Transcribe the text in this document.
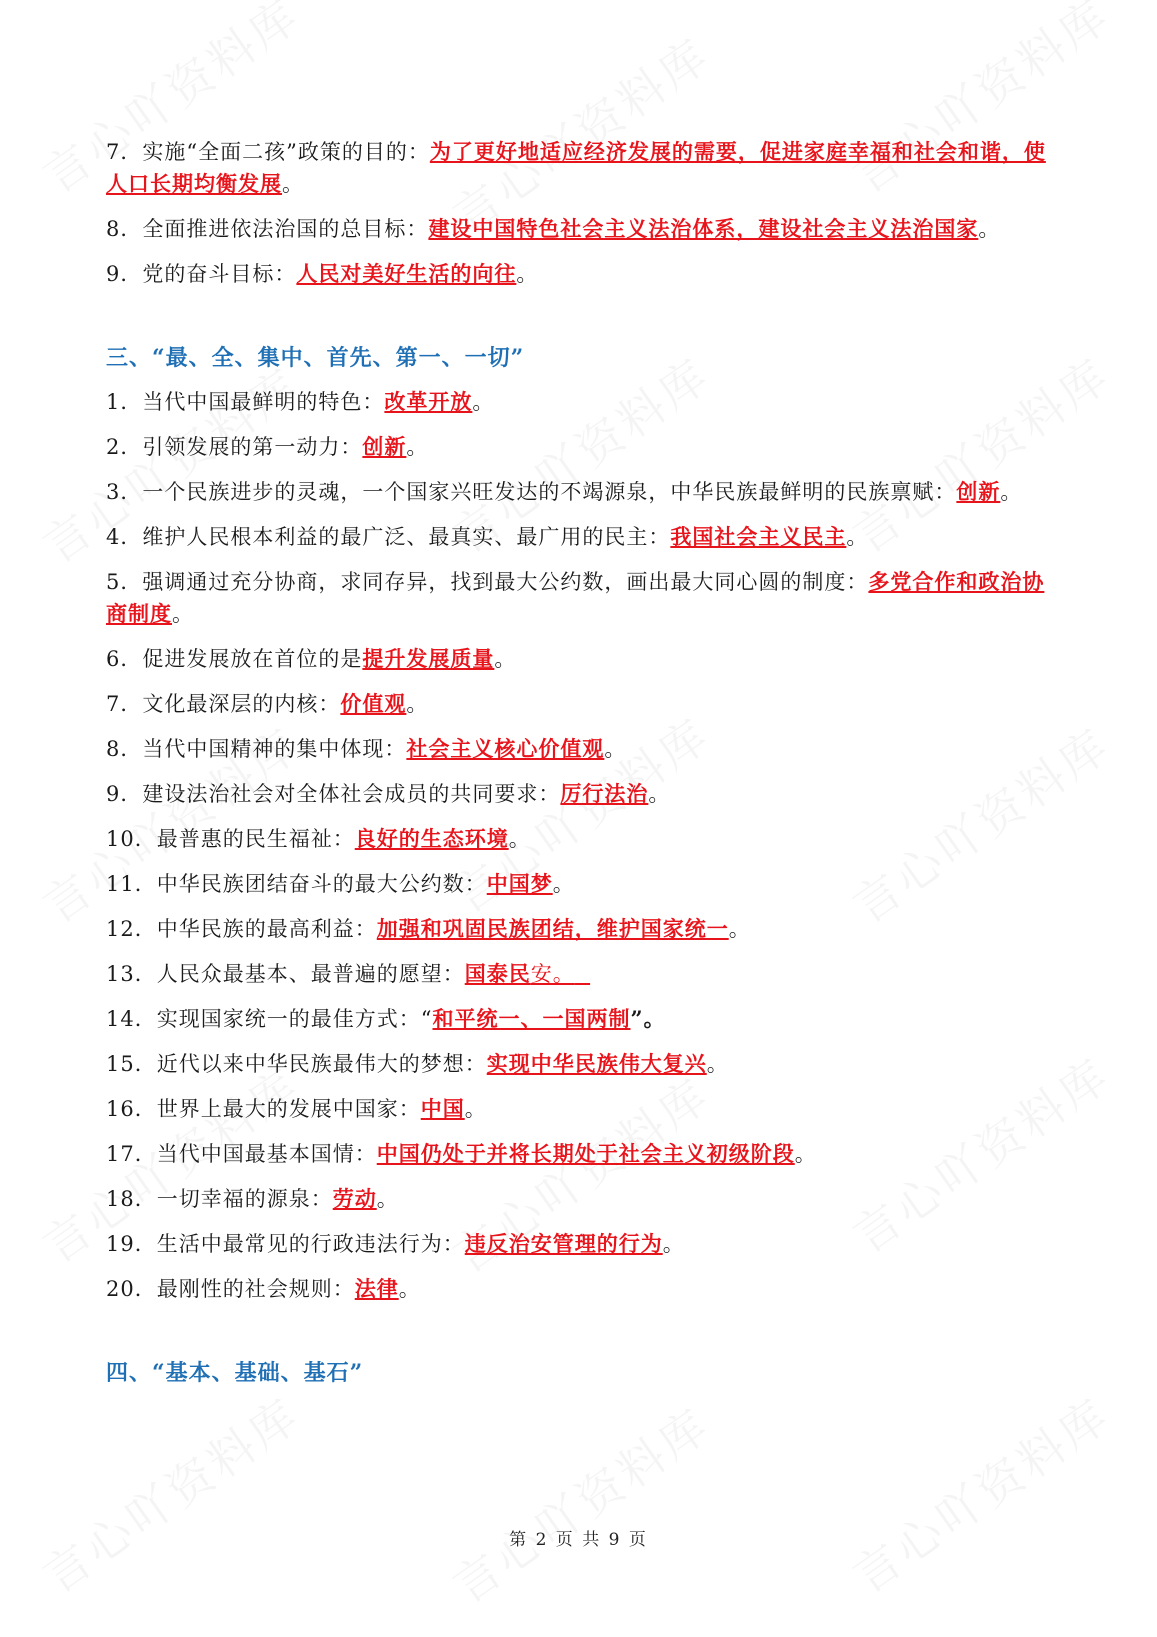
7．实施“全面二孩”政策的目的：为了更好地适应经济发展的需要，促进家庭幸福和社会和谐，使人口长期均衡发展。

8．全面推进依法治国的总目标：建设中国特色社会主义法治体系，建设社会主义法治国家。

9．党的奋斗目标：人民对美好生活的向往。

三、“最、全、集中、首先、第一、一切”

1．当代中国最鲜明的特色：改革开放。

2．引领发展的第一动力：创新。

3．一个民族进步的灵魂，一个国家兴旺发达的不竭源泉，中华民族最鲜明的民族禀赋：创新。

4．维护人民根本利益的最广泛、最真实、最广用的民主：我国社会主义民主。

5．强调通过充分协商，求同存异，找到最大公约数，画出最大同心圆的制度：多党合作和政治协商制度。

6．促进发展放在首位的是提升发展质量。

7．文化最深层的内核：价值观。

8．当代中国精神的集中体现：社会主义核心价值观。

9．建设法治社会对全体社会成员的共同要求：厉行法治。

10．最普惠的民生福祉：良好的生态环境。

11．中华民族团结奋斗的最大公约数：中国梦。

12．中华民族的最高利益：加强和巩固民族团结，维护国家统一。

13．人民众最基本、最普遍的愿望：国泰民安。

14．实现国家统一的最佳方式：“和平统一、一国两制”。

15．近代以来中华民族最伟大的梦想：实现中华民族伟大复兴。

16．世界上最大的发展中国家：中国。

17．当代中国最基本国情：中国仍处于并将长期处于社会主义初级阶段。

18．一切幸福的源泉：劳动。

19．生活中最常见的行政违法行为：违反治安管理的行为。

20．最刚性的社会规则：法律。

四、“基本、基础、基石”
第 2 页 共 9 页
